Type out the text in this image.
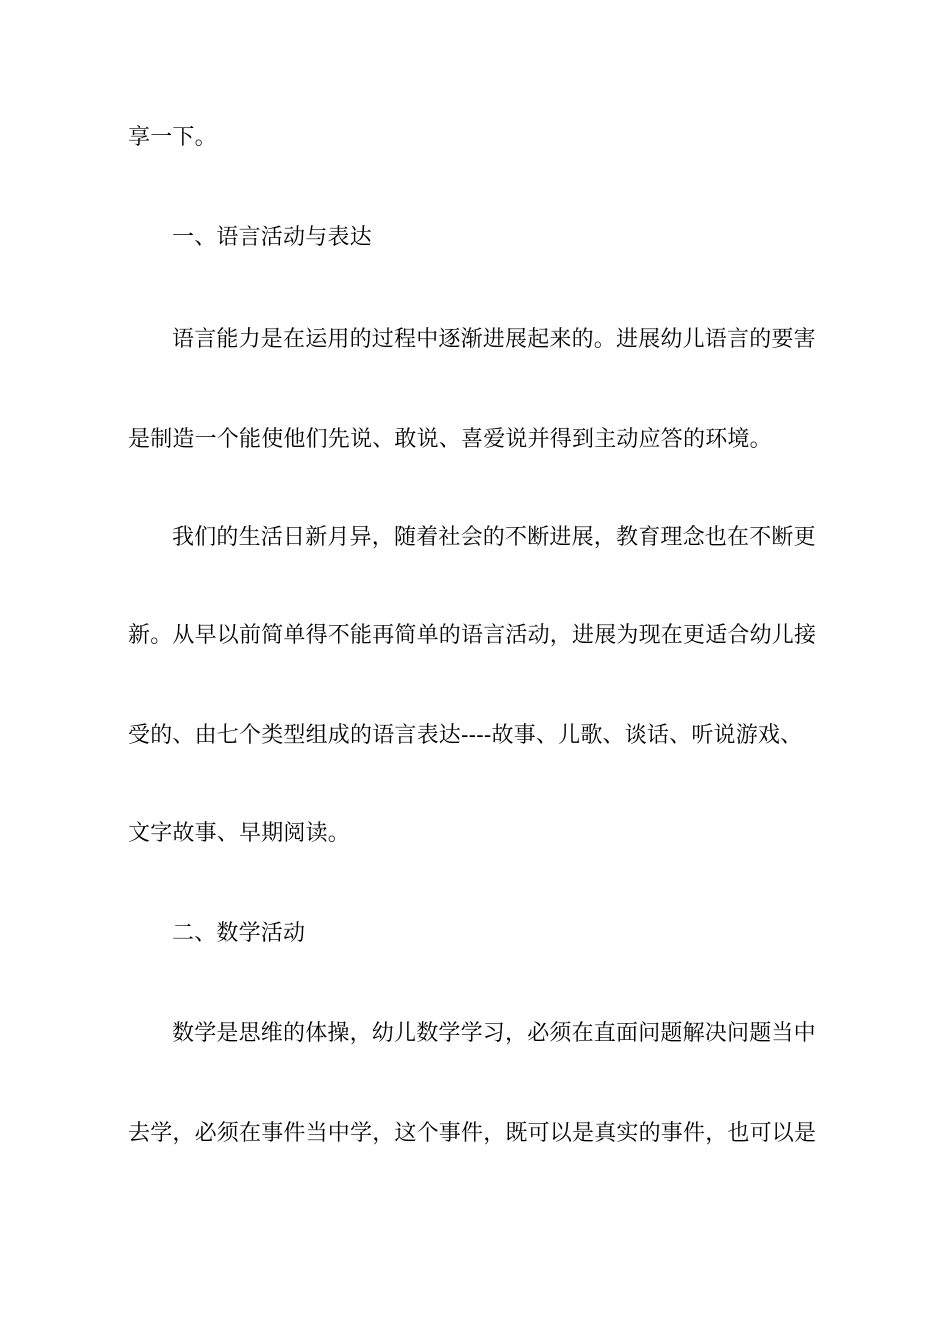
享一下。
一、语言活动与表达
语言能力是在运用的过程中逐渐进展起来的。进展幼儿语言的要害
是制造一个能使他们先说、敢说、喜爱说并得到主动应答的环境。
我们的生活日新月异，随着社会的不断进展，教育理念也在不断更
新。从早以前简单得不能再简单的语言活动，进展为现在更适合幼儿接
受的、由七个类型组成的语言表达----故事、儿歌、谈话、听说游戏、
文字故事、早期阅读。
二、数学活动
数学是思维的体操，幼儿数学学习，必须在直面问题解决问题当中
去学，必须在事件当中学，这个事件，既可以是真实的事件，也可以是
